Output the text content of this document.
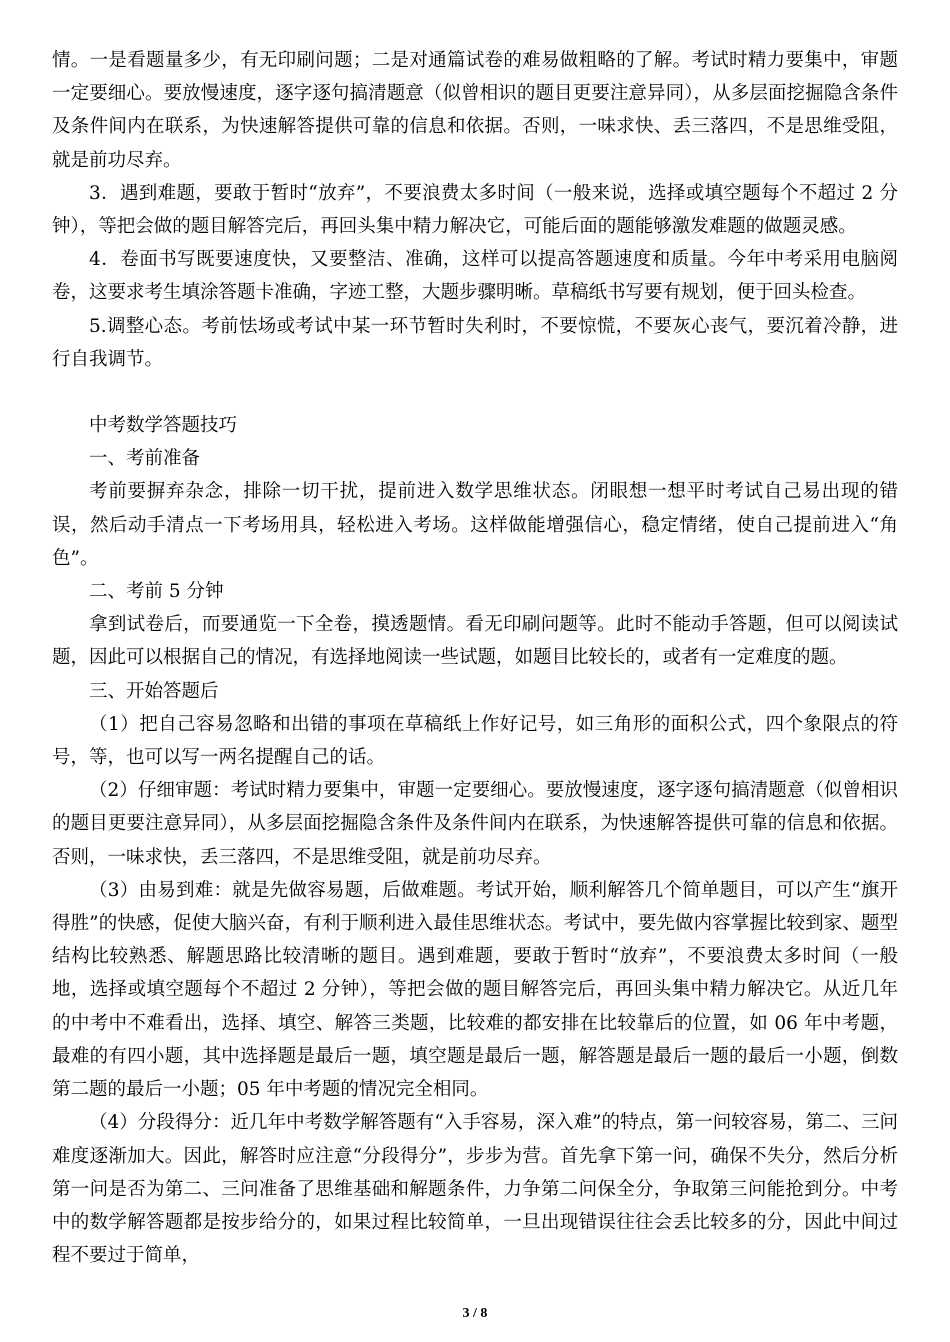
情。一是看题量多少，有无印刷问题；二是对通篇试卷的难易做粗略的了解。考试时精力要集中，审题一定要细心。要放慢速度，逐字逐句搞清题意（似曾相识的题目更要注意异同），从多层面挖掘隐含条件及条件间内在联系，为快速解答提供可靠的信息和依据。否则，一味求快、丢三落四，不是思维受阻，就是前功尽弃。

3．遇到难题，要敢于暂时“放弃”，不要浪费太多时间（一般来说，选择或填空题每个不超过 2 分钟），等把会做的题目解答完后，再回头集中精力解决它，可能后面的题能够激发难题的做题灵感。

4．卷面书写既要速度快，又要整洁、准确，这样可以提高答题速度和质量。今年中考采用电脑阅卷，这要求考生填涂答题卡准确，字迹工整，大题步骤明晰。草稿纸书写要有规划，便于回头检查。

5.调整心态。考前怯场或考试中某一环节暂时失利时，不要惊慌，不要灰心丧气，要沉着冷静，进行自我调节。

中考数学答题技巧

一、考前准备

考前要摒弃杂念，排除一切干扰，提前进入数学思维状态。闭眼想一想平时考试自己易出现的错误，然后动手清点一下考场用具，轻松进入考场。这样做能增强信心，稳定情绪，使自己提前进入“角色”。

二、考前 5 分钟

拿到试卷后，而要通览一下全卷，摸透题情。看无印刷问题等。此时不能动手答题，但可以阅读试题，因此可以根据自己的情况，有选择地阅读一些试题，如题目比较长的，或者有一定难度的题。

三、开始答题后

（1）把自己容易忽略和出错的事项在草稿纸上作好记号，如三角形的面积公式，四个象限点的符号，等，也可以写一两名提醒自己的话。

（2）仔细审题：考试时精力要集中，审题一定要细心。要放慢速度，逐字逐句搞清题意（似曾相识的题目更要注意异同），从多层面挖掘隐含条件及条件间内在联系，为快速解答提供可靠的信息和依据。否则，一味求快，丢三落四，不是思维受阻，就是前功尽弃。

（3）由易到难：就是先做容易题，后做难题。考试开始，顺利解答几个简单题目，可以产生“旗开得胜”的快感，促使大脑兴奋，有利于顺利进入最佳思维状态。考试中，要先做内容掌握比较到家、题型结构比较熟悉、解题思路比较清晰的题目。遇到难题，要敢于暂时“放弃”，不要浪费太多时间（一般地，选择或填空题每个不超过 2 分钟），等把会做的题目解答完后，再回头集中精力解决它。从近几年的中考中不难看出，选择、填空、解答三类题，比较难的都安排在比较靠后的位置，如 06 年中考题，最难的有四小题，其中选择题是最后一题，填空题是最后一题，解答题是最后一题的最后一小题，倒数第二题的最后一小题；05 年中考题的情况完全相同。

（4）分段得分：近几年中考数学解答题有“入手容易，深入难”的特点，第一问较容易，第二、三问难度逐渐加大。因此，解答时应注意“分段得分”，步步为营。首先拿下第一问，确保不失分，然后分析第一问是否为第二、三问准备了思维基础和解题条件，力争第二问保全分，争取第三问能抢到分。中考中的数学解答题都是按步给分的，如果过程比较简单，一旦出现错误往往会丢比较多的分，因此中间过程不要过于简单，

3 / 8
